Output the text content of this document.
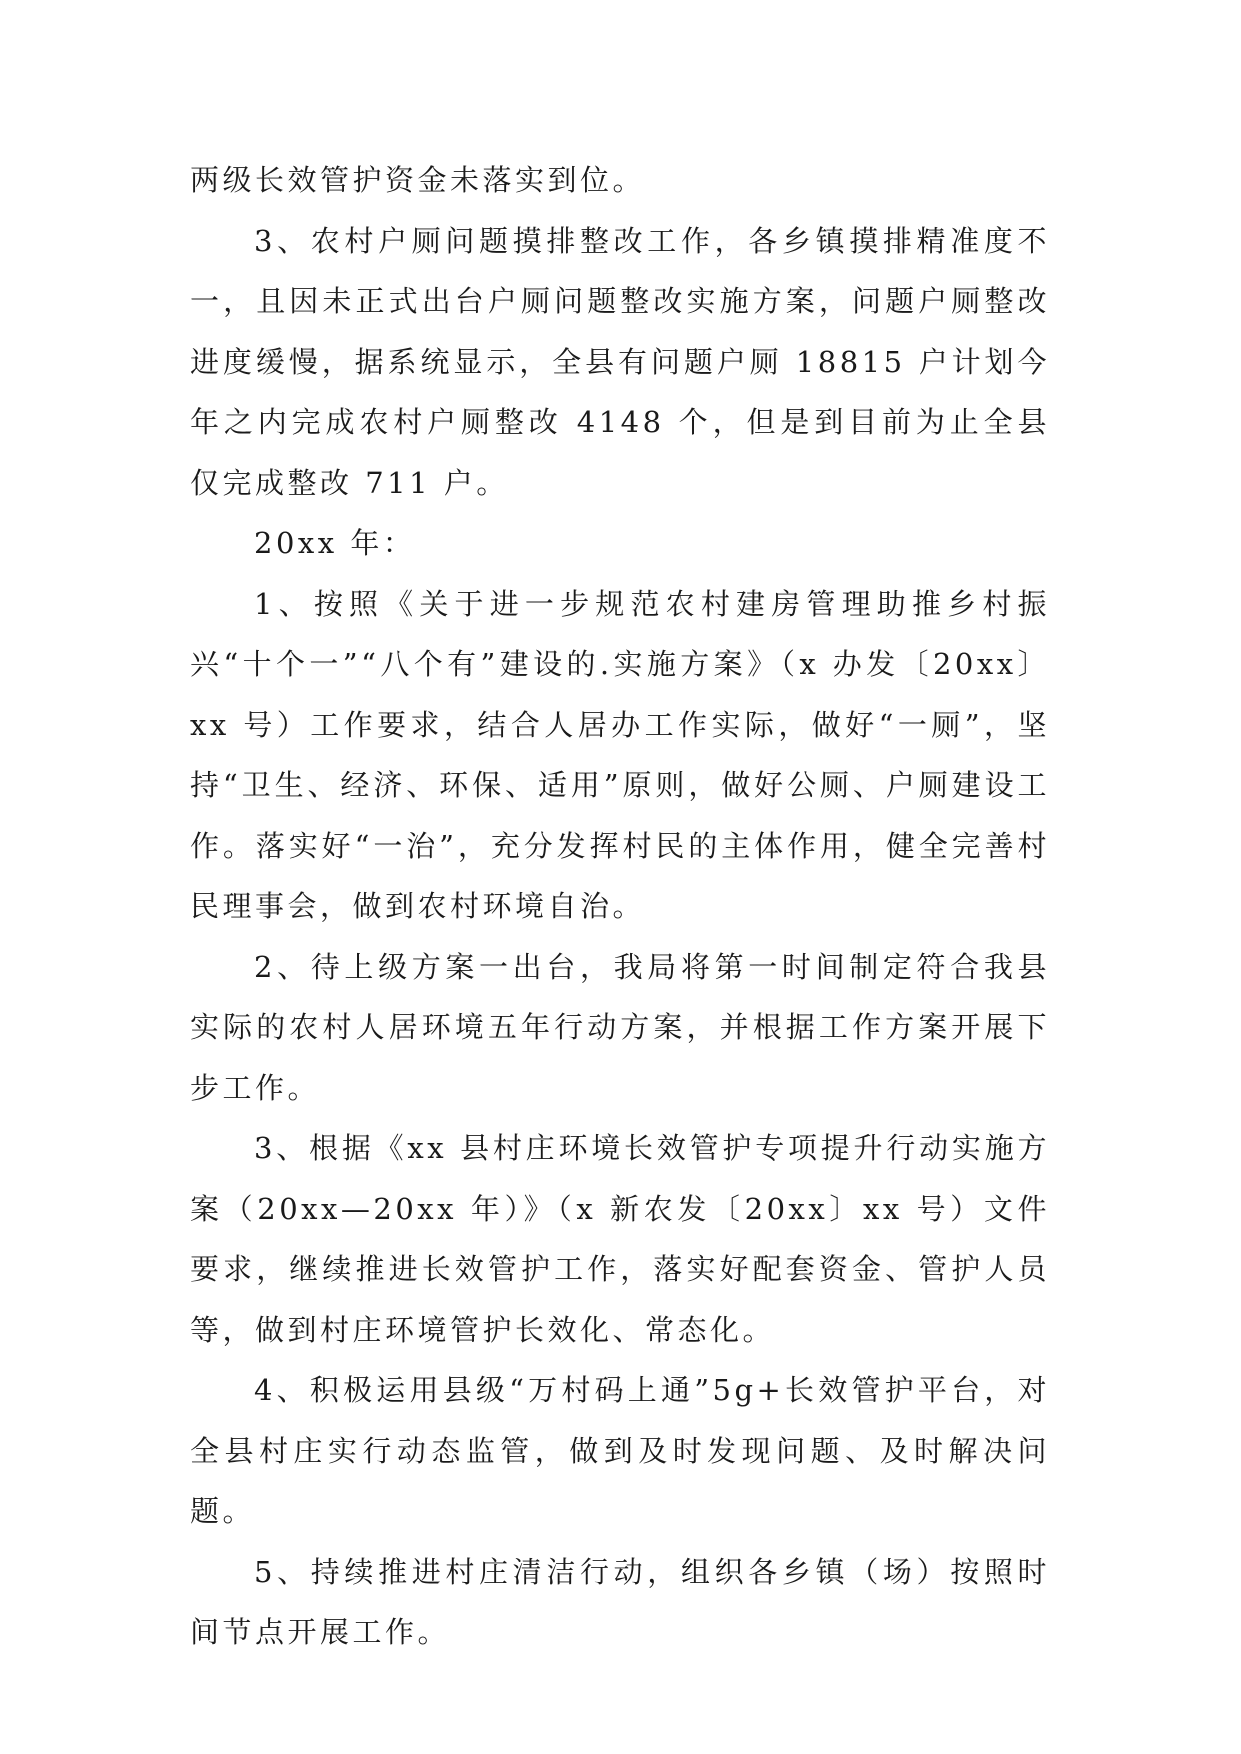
两级长效管护资金未落实到位。

3、农村户厕问题摸排整改工作，各乡镇摸排精准度不一，且因未正式出台户厕问题整改实施方案，问题户厕整改进度缓慢，据系统显示，全县有问题户厕 18815 户计划今年之内完成农村户厕整改 4148 个，但是到目前为止全县仅完成整改 711 户。

20xx 年：

1、按照《关于进一步规范农村建房管理助推乡村振兴“十个一”“八个有”建设的.实施方案》（x 办发〔20xx〕xx 号）工作要求，结合人居办工作实际，做好“一厕”，坚持“卫生、经济、环保、适用”原则，做好公厕、户厕建设工作。落实好“一治”，充分发挥村民的主体作用，健全完善村民理事会，做到农村环境自治。

2、待上级方案一出台，我局将第一时间制定符合我县实际的农村人居环境五年行动方案，并根据工作方案开展下步工作。

3、根据《xx 县村庄环境长效管护专项提升行动实施方案（20xx—20xx 年）》（x 新农发〔20xx〕xx 号）文件要求，继续推进长效管护工作，落实好配套资金、管护人员等，做到村庄环境管护长效化、常态化。

4、积极运用县级“万村码上通”5g+长效管护平台，对全县村庄实行动态监管，做到及时发现问题、及时解决问题。

5、持续推进村庄清洁行动，组织各乡镇（场）按照时间节点开展工作。
